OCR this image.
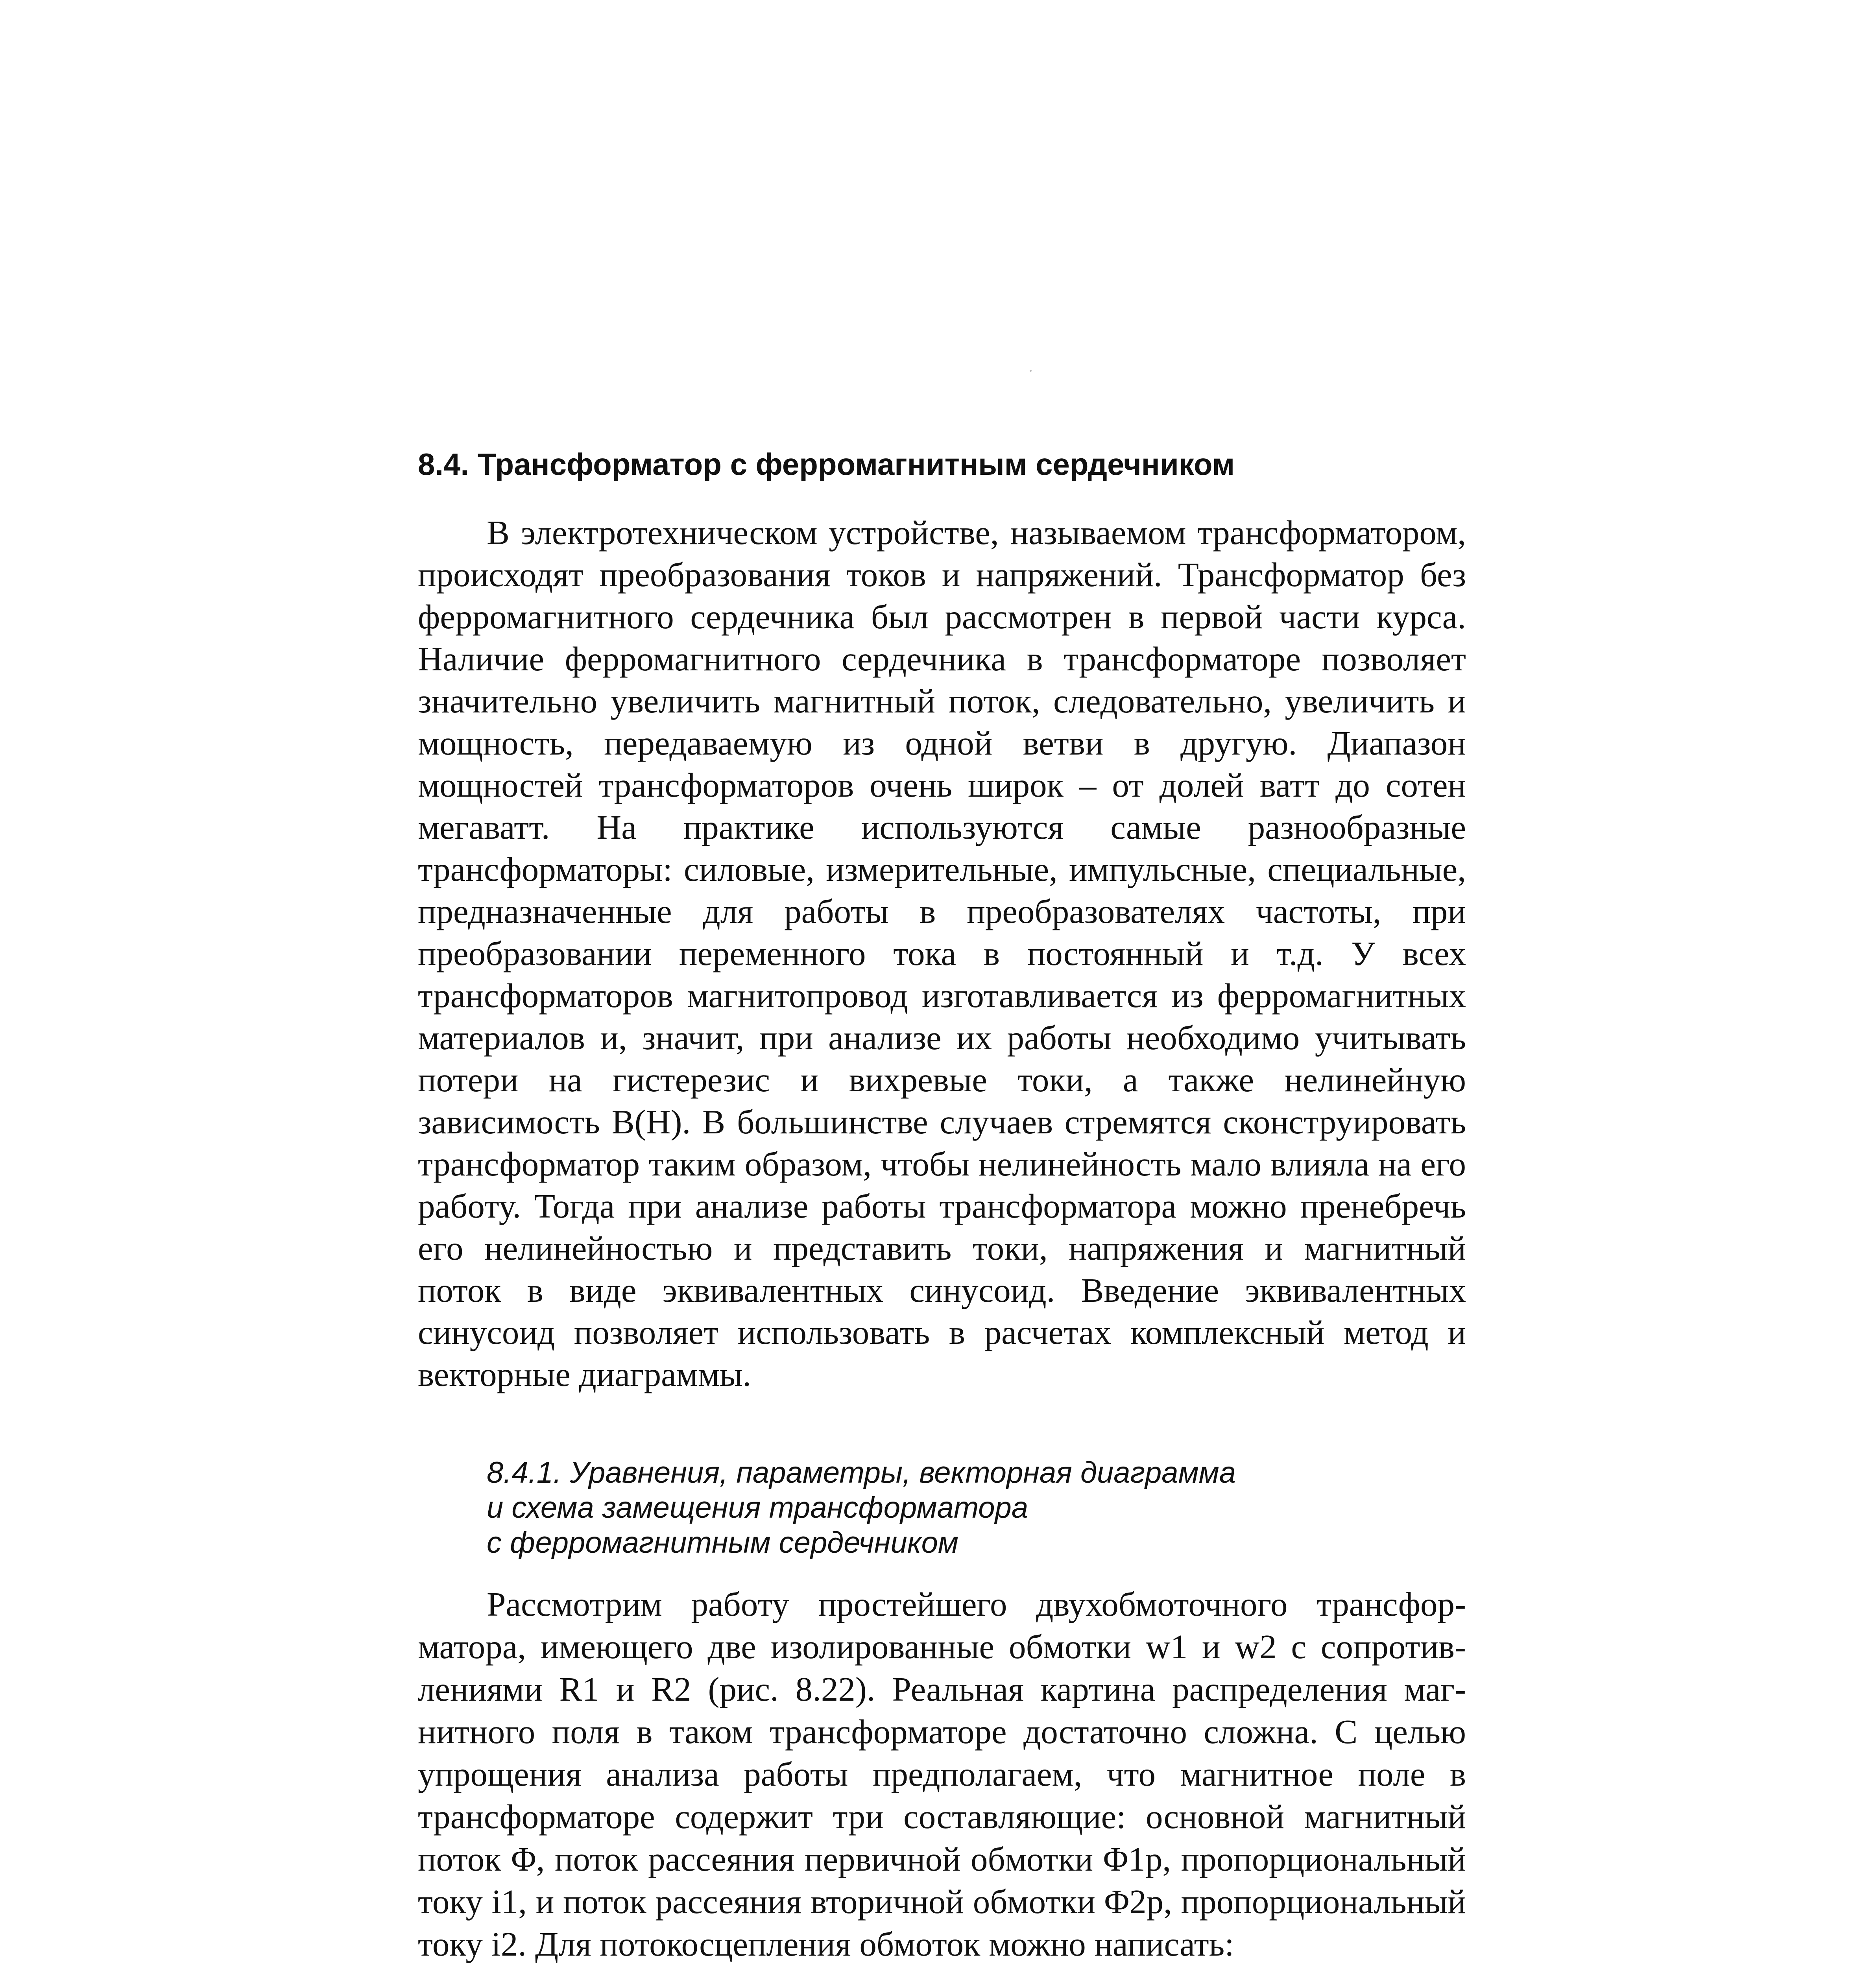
8.4. Трансформатор с ферромагнитным сердечником

В электротехническом устройстве, называемом трансформатором, происходят преобразования токов и напряжений. Трансформатор без ферромагнитного сердечника был рассмотрен в первой части курса. Наличие ферромагнитного сердечника в трансформаторе позволяет значительно увеличить магнитный поток, следовательно, увеличить и мощность, передаваемую из одной ветви в другую. Диапазон мощностей трансформаторов очень широк – от долей ватт до сотен мегаватт. На практике используются самые разнообразные трансформаторы: силовые, измерительные, импульсные, специальные, предназначенные для работы в преобразователях частоты, при преобразовании переменного тока в постоянный и т.д. У всех трансформаторов магнитопровод изготавливается из ферромагнитных материалов и, значит, при анализе их работы необходимо учитывать потери на гистерезис и вихревые токи, а также нелинейную зависимость B(H). В большинстве случаев стремятся сконструировать трансформатор таким образом, чтобы нелинейность мало влияла на его работу. Тогда при анализе работы трансформатора можно пренебречь его нелинейностью и представить токи, напряжения и магнитный поток в виде эквивалентных синусоид. Введение эквивалентных синусоид позволяет использовать в расчетах комплексный метод и векторные диаграммы.

8.4.1. Уравнения, параметры, векторная диаграмма
и схема замещения трансформатора
с ферромагнитным сердечником

Рассмотрим работу простейшего двухобмоточного трансформатора, имеющего две изолированные обмотки w1 и w2 с сопротивлениями R1 и R2 (рис. 8.22). Реальная картина распределения магнитного поля в таком трансформаторе достаточно сложна. С целью упрощения анализа работы предполагаем, что магнитное поле в трансформаторе содержит три составляющие: основной магнитный поток Φ, поток рассеяния первичной обмотки Φ1р, пропорциональный току i1, и поток рассеяния вторичной обмотки Φ2р, пропорциональный току i2. Для потокосцепления обмоток можно написать:
